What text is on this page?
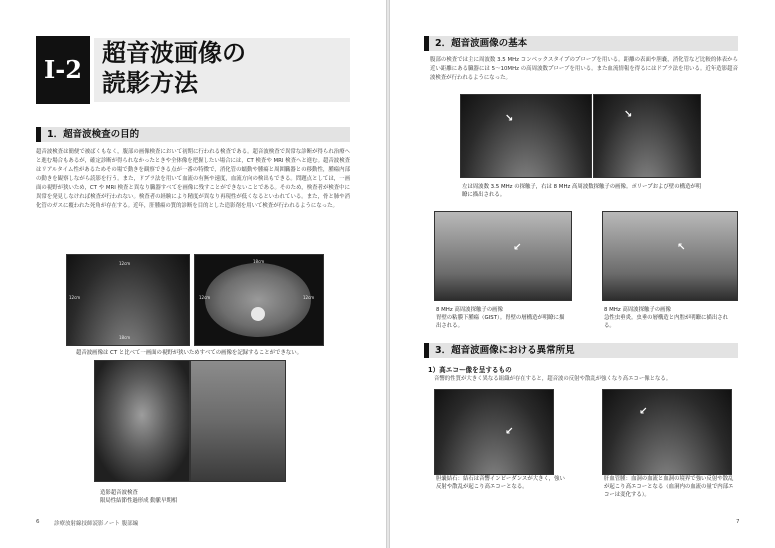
I-2
超音波画像の
読影方法
1．超音波検査の目的
超音波検査は簡便で被ばくもなく，腹部の画像検査において初期に行われる検査である。超音波検査で異常な診断が得られ治療へと進む場合もあるが，確定診断が得られなかったときや全体像を把握したい場合には，CT 検査や MRI 検査へと進む。超音波検査はリアルタイム性があるためその場で動きを観察できる点が一番の特徴で，消化管の蠕動や腫瘍と周囲臓器との移動性，腫瘍内部の動きを観察しながら読影を行う。また，ドプラ法を用いて血流の有無や速度，血流方向の検出もできる。問題点としては，一画面の視野が狭いため，CT や MRI 検査と異なり臓器すべてを画像に残すことができないことである。そのため，検査者が検査中に異常を発見しなければ検査が行われない。検査者の経験により精度が異なり再現性が低くなるといわれている。また，骨と肺や消化管のガスに覆われた死角が存在する。近年，肝腫瘍の質的診断を目的とした造影剤を用いて検査が行われるようになった。
12cm
12cm
18cm
18cm
12cm	12cm
超音波画像は CT と比べて一画面の視野が狭いためすべての画像を記録することができない。
造影超音波検査
限局性結節性過形成 動脈早期相
6	診療放射線技師読影ノート 腹部編
2．超音波画像の基本
腹部の検査では主に周波数 3.5 MHz コンベックスタイプのプローブを用いる。距離の表面や胆嚢，消化管など比較的体表から近い距離にある臓器には 5～10MHz の高周波数プローブを用いる。また血流情報を得るにはドプラ法を用いる。近年造影超音波検査が行われるようになった。
↘	↘
左は周波数 3.5 MHz の探触子，右は 8 MHz 高周波数探触子の画像。ポリープおよび壁の構造が明瞭に描出される。
↙	↖
8 MHz 高周波探触子の画像
胃壁の粘膜下腫瘍（GIST）。胃壁の層構造が明瞭に描出される。
8 MHz 高周波探触子の画像
急性虫垂炎。虫垂の層構造と内腔が明瞭に描出される。
3．超音波画像における異常所見
1）高エコー像を呈するもの
音響的性質が大きく異なる組織が存在すると，超音波の反射や散乱が強くなり高エコー像となる。
↙
↙
胆嚢結石：結石は音響インピーダンスが大きく，強い反射や散乱が起こり高エコーとなる。
肝血管腫：血洞の血流と血洞の境界で強い反射や散乱が起こり高エコーとなる（血洞内の血流の量で内部エコーは変化する）。
7
